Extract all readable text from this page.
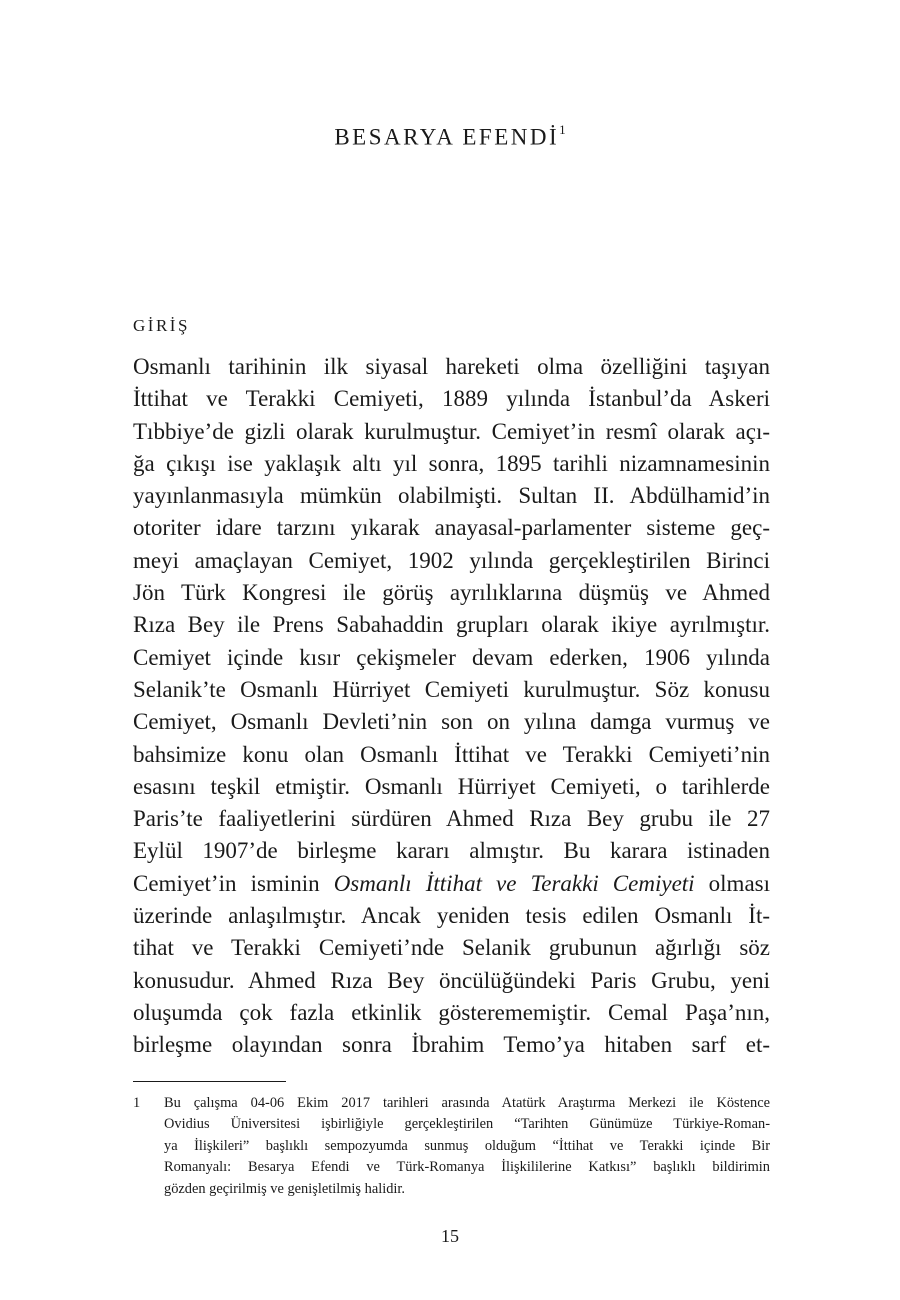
BESARYA EFENDİ$^1$
GİRİŞ
Osmanlı tarihinin ilk siyasal hareketi olma özelliğini taşıyan
İttihat ve Terakki Cemiyeti, 1889 yılında İstanbul’da Askeri
Tıbbiye’de gizli olarak kurulmuştur. Cemiyet’in resmî olarak açı-
ğa çıkışı ise yaklaşık altı yıl sonra, 1895 tarihli nizamnamesinin
yayınlanmasıyla mümkün olabilmişti. Sultan II. Abdülhamid’in
otoriter idare tarzını yıkarak anayasal-parlamenter sisteme geç-
meyi amaçlayan Cemiyet, 1902 yılında gerçekleştirilen Birinci
Jön Türk Kongresi ile görüş ayrılıklarına düşmüş ve Ahmed
Rıza Bey ile Prens Sabahaddin grupları olarak ikiye ayrılmıştır.
Cemiyet içinde kısır çekişmeler devam ederken, 1906 yılında
Selanik’te Osmanlı Hürriyet Cemiyeti kurulmuştur. Söz konusu
Cemiyet, Osmanlı Devleti’nin son on yılına damga vurmuş ve
bahsimize konu olan Osmanlı İttihat ve Terakki Cemiyeti’nin
esasını teşkil etmiştir. Osmanlı Hürriyet Cemiyeti, o tarihlerde
Paris’te faaliyetlerini sürdüren Ahmed Rıza Bey grubu ile 27
Eylül 1907’de birleşme kararı almıştır. Bu karara istinaden
Cemiyet’in isminin Osmanlı İttihat ve Terakki Cemiyeti olması
üzerinde anlaşılmıştır. Ancak yeniden tesis edilen Osmanlı İt-
tihat ve Terakki Cemiyeti’nde Selanik grubunun ağırlığı söz
konusudur. Ahmed Rıza Bey öncülüğündeki Paris Grubu, yeni
oluşumda çok fazla etkinlik gösterememiştir. Cemal Paşa’nın,
birleşme olayından sonra İbrahim Temo’ya hitaben sarf et-
1 Bu çalışma 04-06 Ekim 2017 tarihleri arasında Atatürk Araştırma Merkezi ile Köstence
Ovidius Üniversitesi işbirliğiyle gerçekleştirilen “Tarihten Günümüze Türkiye-Roman-
ya İlişkileri” başlıklı sempozyumda sunmuş olduğum “İttihat ve Terakki içinde Bir
Romanyalı: Besarya Efendi ve Türk-Romanya İlişkililerine Katkısı” başlıklı bildirimin
gözden geçirilmiş ve genişletilmiş halidir.
15
